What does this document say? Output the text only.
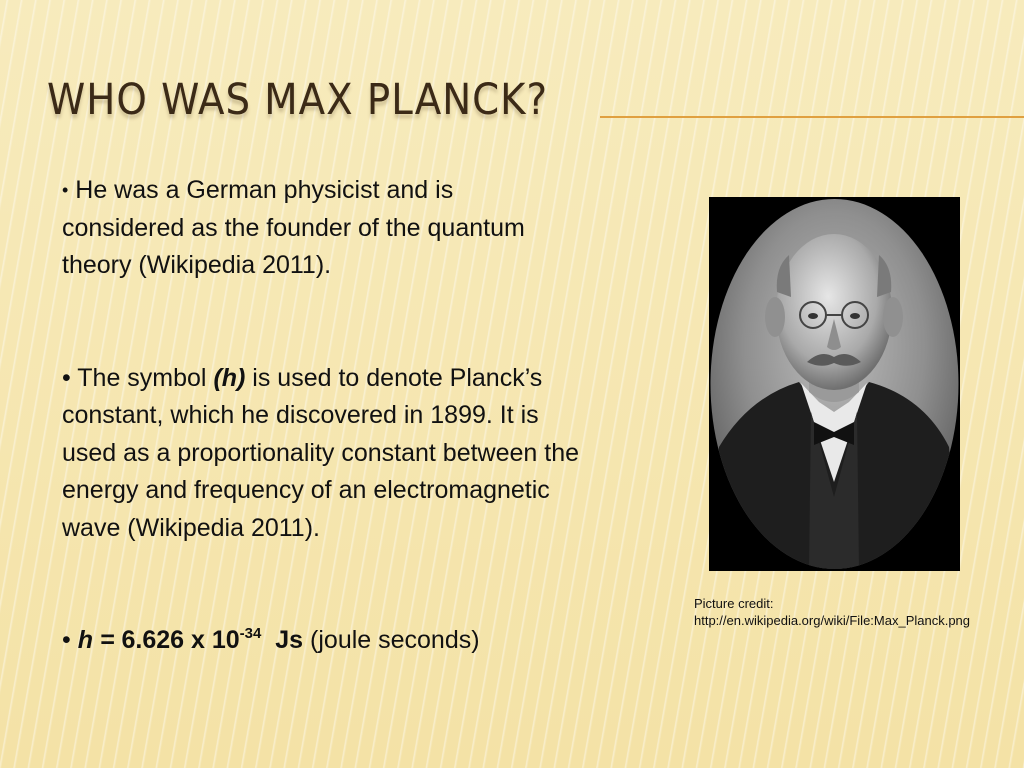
WHO WAS MAX PLANCK?

• He was a German physicist and is considered as the founder of the quantum theory (Wikipedia 2011).

• The symbol (h) is used to denote Planck’s constant, which he discovered in 1899. It is used as a proportionality constant between the energy and frequency of an electromagnetic wave (Wikipedia 2011).

• h = 6.626 x $10^{-34}$ Js (joule seconds)

Picture credit:
http://en.wikipedia.org/wiki/File:Max_Planck.png
